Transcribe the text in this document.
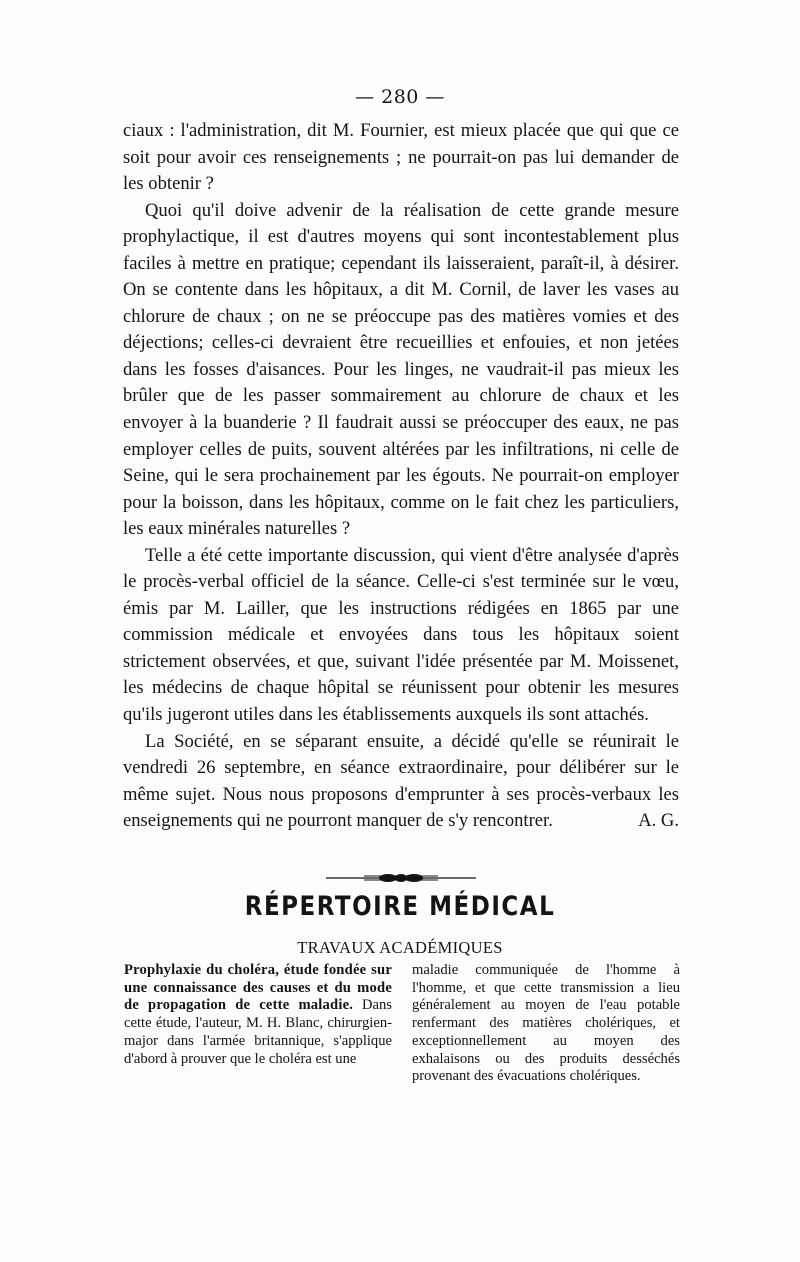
— 280 —

ciaux : l'administration, dit M. Fournier, est mieux placée que qui que ce soit pour avoir ces renseignements ; ne pourrait-on pas lui demander de les obtenir ?

Quoi qu'il doive advenir de la réalisation de cette grande mesure prophylactique, il est d'autres moyens qui sont incontestablement plus faciles à mettre en pratique; cependant ils laisseraient, paraît-il, à désirer. On se contente dans les hôpitaux, a dit M. Cornil, de laver les vases au chlorure de chaux ; on ne se préoccupe pas des matières vomies et des déjections; celles-ci devraient être recueillies et enfouies, et non jetées dans les fosses d'aisances. Pour les linges, ne vaudrait-il pas mieux les brûler que de les passer sommairement au chlorure de chaux et les envoyer à la buanderie ? Il faudrait aussi se préoccuper des eaux, ne pas employer celles de puits, souvent altérées par les infiltrations, ni celle de Seine, qui le sera prochainement par les égouts. Ne pourrait-on employer pour la boisson, dans les hôpitaux, comme on le fait chez les particuliers, les eaux minérales naturelles ?

Telle a été cette importante discussion, qui vient d'être analysée d'après le procès-verbal officiel de la séance. Celle-ci s'est terminée sur le vœu, émis par M. Lailler, que les instructions rédigées en 1865 par une commission médicale et envoyées dans tous les hôpitaux soient strictement observées, et que, suivant l'idée présentée par M. Moissenet, les médecins de chaque hôpital se réunissent pour obtenir les mesures qu'ils jugeront utiles dans les établissements auxquels ils sont attachés.

La Société, en se séparant ensuite, a décidé qu'elle se réunirait le vendredi 26 septembre, en séance extraordinaire, pour délibérer sur le même sujet. Nous nous proposons d'emprunter à ses procès-verbaux les enseignements qui ne pourront manquer de s'y rencontrer.	A. G.

RÉPERTOIRE MÉDICAL
TRAVAUX ACADÉMIQUES
Prophylaxie du choléra, étude fondée sur une connaissance des causes et du mode de propagation de cette maladie. Dans cette étude, l'auteur, M. H. Blanc, chirurgien-major dans l'armée britannique, s'applique d'abord à prouver que le choléra est une
maladie communiquée de l'homme à l'homme, et que cette transmission a lieu généralement au moyen de l'eau potable renfermant des matières cholériques, et exceptionnellement au moyen des exhalaisons ou des produits desséchés provenant des évacuations cholériques.
